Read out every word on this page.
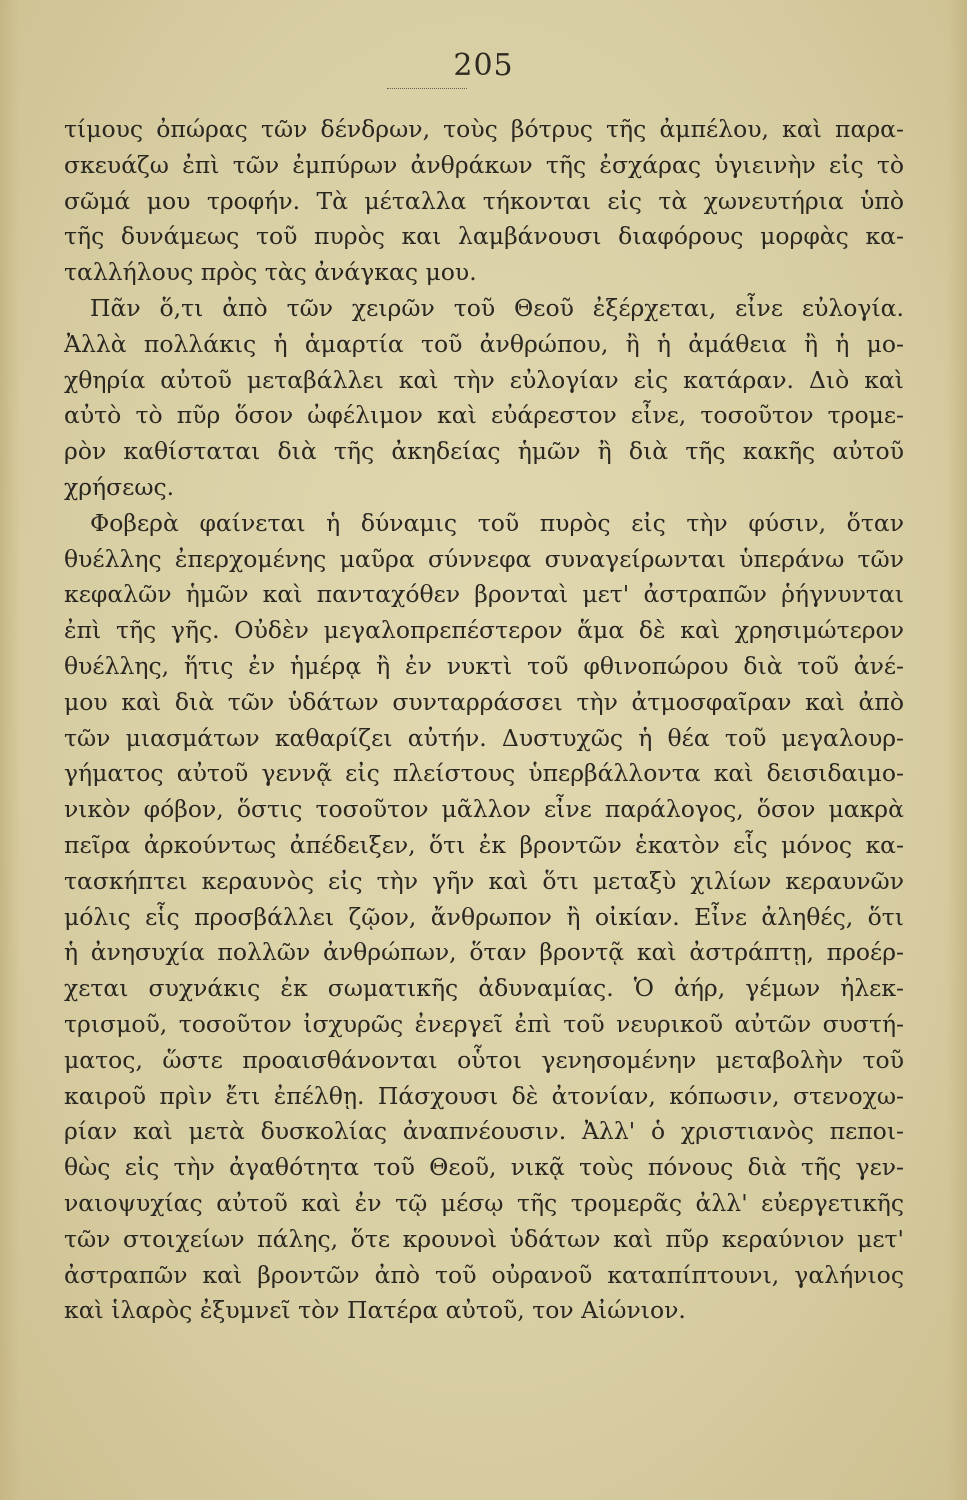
205
τίμους ὀπώρας τῶν δένδρων, τοὺς βότρυς τῆς ἀμπέλου, καὶ παρα-
σκευάζω ἐπὶ τῶν ἐμπύρων ἀνθράκων τῆς ἐσχάρας ὑγιεινὴν εἰς τὸ
σῶμά μου τροφήν. Τὰ μέταλλα τήκονται εἰς τὰ χωνευτήρια ὑπὸ
τῆς δυνάμεως τοῦ πυρὸς και λαμβάνουσι διαφόρους μορφὰς κα-
ταλλήλους πρὸς τὰς ἀνάγκας μου.
Πᾶν ὅ,τι ἀπὸ τῶν χειρῶν τοῦ Θεοῦ ἐξέρχεται, εἶνε εὐλογία.
Ἀλλὰ πολλάκις ἡ ἁμαρτία τοῦ ἀνθρώπου, ἢ ἡ ἀμάθεια ἢ ἡ μο-
χθηρία αὐτοῦ μεταβάλλει καὶ τὴν εὐλογίαν εἰς κατάραν. Διὸ καὶ
αὐτὸ τὸ πῦρ ὅσον ὠφέλιμον καὶ εὐάρεστον εἶνε, τοσοῦτον τρομε-
ρὸν καθίσταται διὰ τῆς ἀκηδείας ἡμῶν ἢ διὰ τῆς κακῆς αὐτοῦ
χρήσεως.
Φοβερὰ φαίνεται ἡ δύναμις τοῦ πυρὸς εἰς τὴν φύσιν, ὅταν
θυέλλης ἐπερχομένης μαῦρα σύννεφα συναγείρωνται ὑπεράνω τῶν
κεφαλῶν ἡμῶν καὶ πανταχόθεν βρονταὶ μετ' ἀστραπῶν ῥήγνυνται
ἐπὶ τῆς γῆς. Οὐδὲν μεγαλοπρεπέστερον ἅμα δὲ καὶ χρησιμώτερον
θυέλλης, ἥτις ἐν ἡμέρᾳ ἢ ἐν νυκτὶ τοῦ φθινοπώρου διὰ τοῦ ἀνέ-
μου καὶ διὰ τῶν ὑδάτων συνταρράσσει τὴν ἀτμοσφαῖραν καὶ ἀπὸ
τῶν μιασμάτων καθαρίζει αὐτήν. Δυστυχῶς ἡ θέα τοῦ μεγαλουρ-
γήματος αὐτοῦ γεννᾷ εἰς πλείστους ὑπερβάλλοντα καὶ δεισιδαιμο-
νικὸν φόβον, ὅστις τοσοῦτον μᾶλλον εἶνε παράλογος, ὅσον μακρὰ
πεῖρα ἀρκούντως ἀπέδειξεν, ὅτι ἐκ βροντῶν ἑκατὸν εἷς μόνος κα-
τασκήπτει κεραυνὸς εἰς τὴν γῆν καὶ ὅτι μεταξὺ χιλίων κεραυνῶν
μόλις εἷς προσβάλλει ζῷον, ἄνθρωπον ἢ οἰκίαν. Εἶνε ἀληθές, ὅτι
ἡ ἀνησυχία πολλῶν ἀνθρώπων, ὅταν βροντᾷ καὶ ἀστράπτῃ, προέρ-
χεται συχνάκις ἐκ σωματικῆς ἀδυναμίας. Ὁ ἀήρ, γέμων ἠλεκ-
τρισμοῦ, τοσοῦτον ἰσχυρῶς ἐνεργεῖ ἐπὶ τοῦ νευρικοῦ αὐτῶν συστή-
ματος, ὥστε προαισθάνονται οὗτοι γενησομένην μεταβολὴν τοῦ
καιροῦ πρὶν ἔτι ἐπέλθῃ. Πάσχουσι δὲ ἀτονίαν, κόπωσιν, στενοχω-
ρίαν καὶ μετὰ δυσκολίας ἀναπνέουσιν. Ἀλλ' ὁ χριστιανὸς πεποι-
θὼς εἰς τὴν ἀγαθότητα τοῦ Θεοῦ, νικᾷ τοὺς πόνους διὰ τῆς γεν-
ναιοψυχίας αὐτοῦ καὶ ἐν τῷ μέσῳ τῆς τρομερᾶς ἀλλ' εὐεργετικῆς
τῶν στοιχείων πάλης, ὅτε κρουνοὶ ὑδάτων καὶ πῦρ κεραύνιον μετ'
ἀστραπῶν καὶ βροντῶν ἀπὸ τοῦ οὐρανοῦ καταπίπτουνι, γαλήνιος
καὶ ἱλαρὸς ἐξυμνεῖ τὸν Πατέρα αὐτοῦ, τον Αἰώνιον.
